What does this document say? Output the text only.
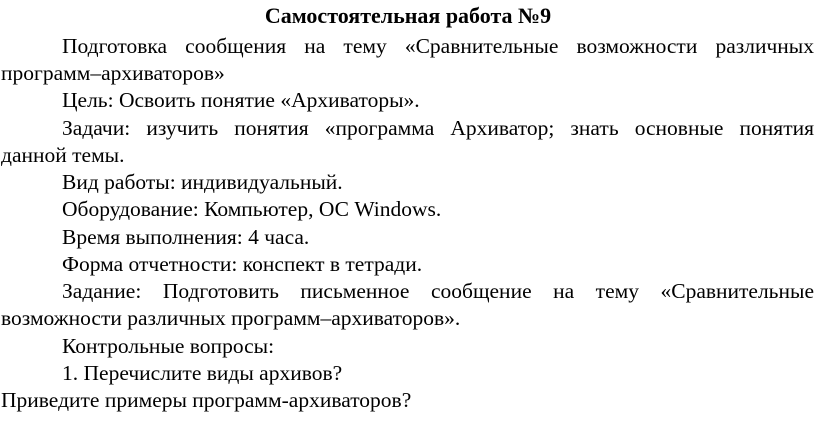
Самостоятельная работа №9
Подготовка сообщения на тему «Сравнительные возможности различных
программ–архиваторов»
Цель: Освоить понятие «Архиваторы».
Задачи: изучить понятия «программа Архиватор; знать основные понятия
данной темы.
Вид работы: индивидуальный.
Оборудование: Компьютер, ОС Windows.
Время выполнения: 4 часа.
Форма отчетности: конспект в тетради.
Задание: Подготовить письменное сообщение на тему «Сравнительные
возможности различных программ–архиваторов».
Контрольные вопросы:
1. Перечислите виды архивов?
Приведите примеры программ-архиваторов?
